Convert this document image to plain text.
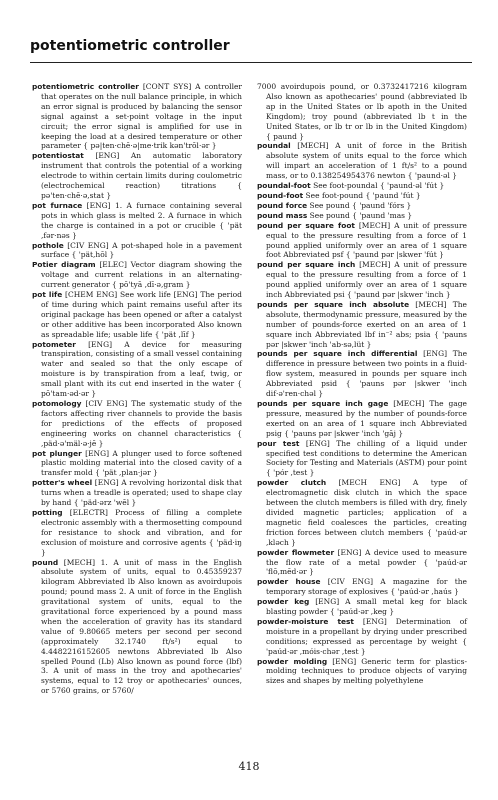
potentiometric controller

potentiometric controller [CONT SYS] A controller that operates on the null balance principle, in which an error signal is produced by balancing the sensor signal against a set-point voltage in the input circuit; the error signal is amplified for use in keeping the load at a desired temperature or other parameter { pə|ten·chē·ə|me·trik kən'trōl·ər }

potentiostat [ENG] An automatic laboratory instrument that controls the potential of a working electrode to within certain limits during coulometric (electrochemical reaction) titrations { pə'ten·chē·ə,stat }

pot furnace [ENG] 1. A furnace containing several pots in which glass is melted 2. A furnace in which the charge is contained in a pot or crucible { 'pät ,fər·nəs }

pothole [CIV ENG] A pot-shaped hole in a pavement surface { 'pät,hōl }

Potier diagram [ELEC] Vector diagram showing the voltage and current relations in an alternating-current generator { pō'tyā ,dī·ə,gram }

pot life [CHEM ENG] See work life [ENG] The period of time during which paint remains useful after its original package has been opened or after a catalyst or other additive has been incorporated Also known as spreadable life; usable life { 'pät ,līf }

potometer [ENG] A device for measuring transpiration, consisting of a small vessel containing water and sealed so that the only escape of moisture is by transpiration from a leaf, twig, or small plant with its cut end inserted in the water { pō'tam·əd·ər }

potomology [CIV ENG] The systematic study of the factors affecting river channels to provide the basis for predictions of the effects of proposed engineering works on channel characteristics { ,päd·ə'mäl·ə·jē }

pot plunger [ENG] A plunger used to force softened plastic molding material into the closed cavity of a transfer mold { 'pät ,plan·jər }

potter's wheel [ENG] A revolving horizontal disk that turns when a treadle is operated; used to shape clay by hand { 'päd·ərz 'wēl }

potting [ELECTR] Process of filling a complete electronic assembly with a thermosetting compound for resistance to shock and vibration, and for exclusion of moisture and corrosive agents { 'päd·iŋ }

pound [MECH] 1. A unit of mass in the English absolute system of units, equal to 0.45359237 kilogram Abbreviated lb Also known as avoirdupois pound; pound mass 2. A unit of force in the English gravitational system of units, equal to the gravitational force experienced by a pound mass when the acceleration of gravity has its standard value of 9.80665 meters per second per second (approximately 32.1740 ft/s²) equal to 4.4482216152605 newtons Abbreviated lb Also spelled Pound (Lb) Also known as pound force (lbf) 3. A unit of mass in the troy and apothecaries' systems, equal to 12 troy or apothecaries' ounces, or 5760 grains, or 5760/

7000 avoirdupois pound, or 0.3732417216 kilogram Also known as apothecaries' pound (abbreviated lb ap in the United States or lb apoth in the United Kingdom); troy pound (abbreviated lb t in the United States, or lb tr or lb in the United Kingdom) { paund }

poundal [MECH] A unit of force in the British absolute system of units equal to the force which will impart an acceleration of 1 ft/s² to a pound mass, or to 0.138254954376 newton { 'paund·əl }

poundal-foot See foot-poundal { 'paund·əl 'fút }

pound-foot See foot-pound { 'paund 'fút }

pound force See pound { 'paund 'fórs }

pound mass See pound { 'paund 'mas }

pound per square foot [MECH] A unit of pressure equal to the pressure resulting from a force of 1 pound applied uniformly over an area of 1 square foot Abbreviated psf { 'paund pər |skwer 'fút }

pound per square inch [MECH] A unit of pressure equal to the pressure resulting from a force of 1 pound applied uniformly over an area of 1 square inch Abbreviated psi { 'paund pər |skwer 'inch }

pounds per square inch absolute [MECH] The absolute, thermodynamic pressure, measured by the number of pounds-force exerted on an area of 1 square inch Abbreviated lbf in⁻² abs; psia { 'pauns pər |skwer 'inch 'ab·sə,lüt }

pounds per square inch differential [ENG] The difference in pressure between two points in a fluid-flow system, measured in pounds per square inch Abbreviated psid { 'pauns pər |skwer 'inch dif·ə'ren·chəl }

pounds per square inch gage [MECH] The gage pressure, measured by the number of pounds-force exerted on an area of 1 square inch Abbreviated psig { 'pauns pər |skwer 'inch 'gāj }

pour test [ENG] The chilling of a liquid under specified test conditions to determine the American Society for Testing and Materials (ASTM) pour point { 'pór ,test }

powder clutch [MECH ENG] A type of electromagnetic disk clutch in which the space between the clutch members is filled with dry, finely divided magnetic particles; application of a magnetic field coalesces the particles, creating friction forces between clutch members { 'paúd·ər ,kləch }

powder flowmeter [ENG] A device used to measure the flow rate of a metal powder { 'paúd·ər 'flō,mēd·ər }

powder house [CIV ENG] A magazine for the temporary storage of explosives { 'paúd·ər ,haús }

powder keg [ENG] A small metal keg for black blasting powder { 'paúd·ər ,keg }

powder-moisture test [ENG] Determination of moisture in a propellant by drying under prescribed conditions; expressed as percentage by weight { 'paúd·ər ,móis·chər ,test }

powder molding [ENG] Generic term for plastics-molding techniques to produce objects of varying sizes and shapes by melting polyethylene

418
